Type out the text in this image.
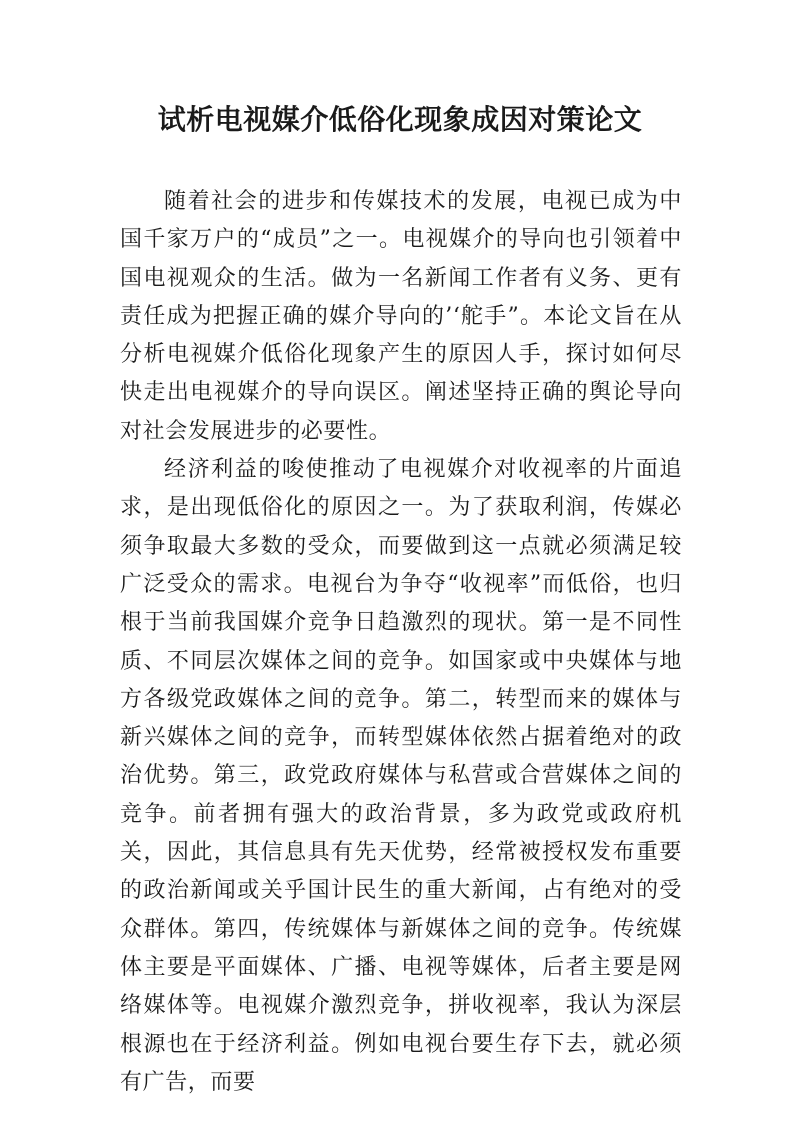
试析电视媒介低俗化现象成因对策论文

随着社会的进步和传媒技术的发展，电视已成为中国千家万户的“成员”之一。电视媒介的导向也引领着中国电视观众的生活。做为一名新闻工作者有义务、更有责任成为把握正确的媒介导向的’‘舵手”。本论文旨在从分析电视媒介低俗化现象产生的原因人手，探讨如何尽快走出电视媒介的导向误区。阐述坚持正确的舆论导向对社会发展进步的必要性。

经济利益的唆使推动了电视媒介对收视率的片面追求，是出现低俗化的原因之一。为了获取利润，传媒必须争取最大多数的受众，而要做到这一点就必须满足较广泛受众的需求。电视台为争夺“收视率”而低俗，也归根于当前我国媒介竞争日趋激烈的现状。第一是不同性质、不同层次媒体之间的竞争。如国家或中央媒体与地方各级党政媒体之间的竞争。第二，转型而来的媒体与新兴媒体之间的竞争，而转型媒体依然占据着绝对的政治优势。第三，政党政府媒体与私营或合营媒体之间的竞争。前者拥有强大的政治背景，多为政党或政府机关，因此，其信息具有先天优势，经常被授权发布重要的政治新闻或关乎国计民生的重大新闻，占有绝对的受众群体。第四，传统媒体与新媒体之间的竞争。传统媒体主要是平面媒体、广播、电视等媒体，后者主要是网络媒体等。电视媒介激烈竞争，拼收视率，我认为深层根源也在于经济利益。例如电视台要生存下去，就必须有广告，而要
